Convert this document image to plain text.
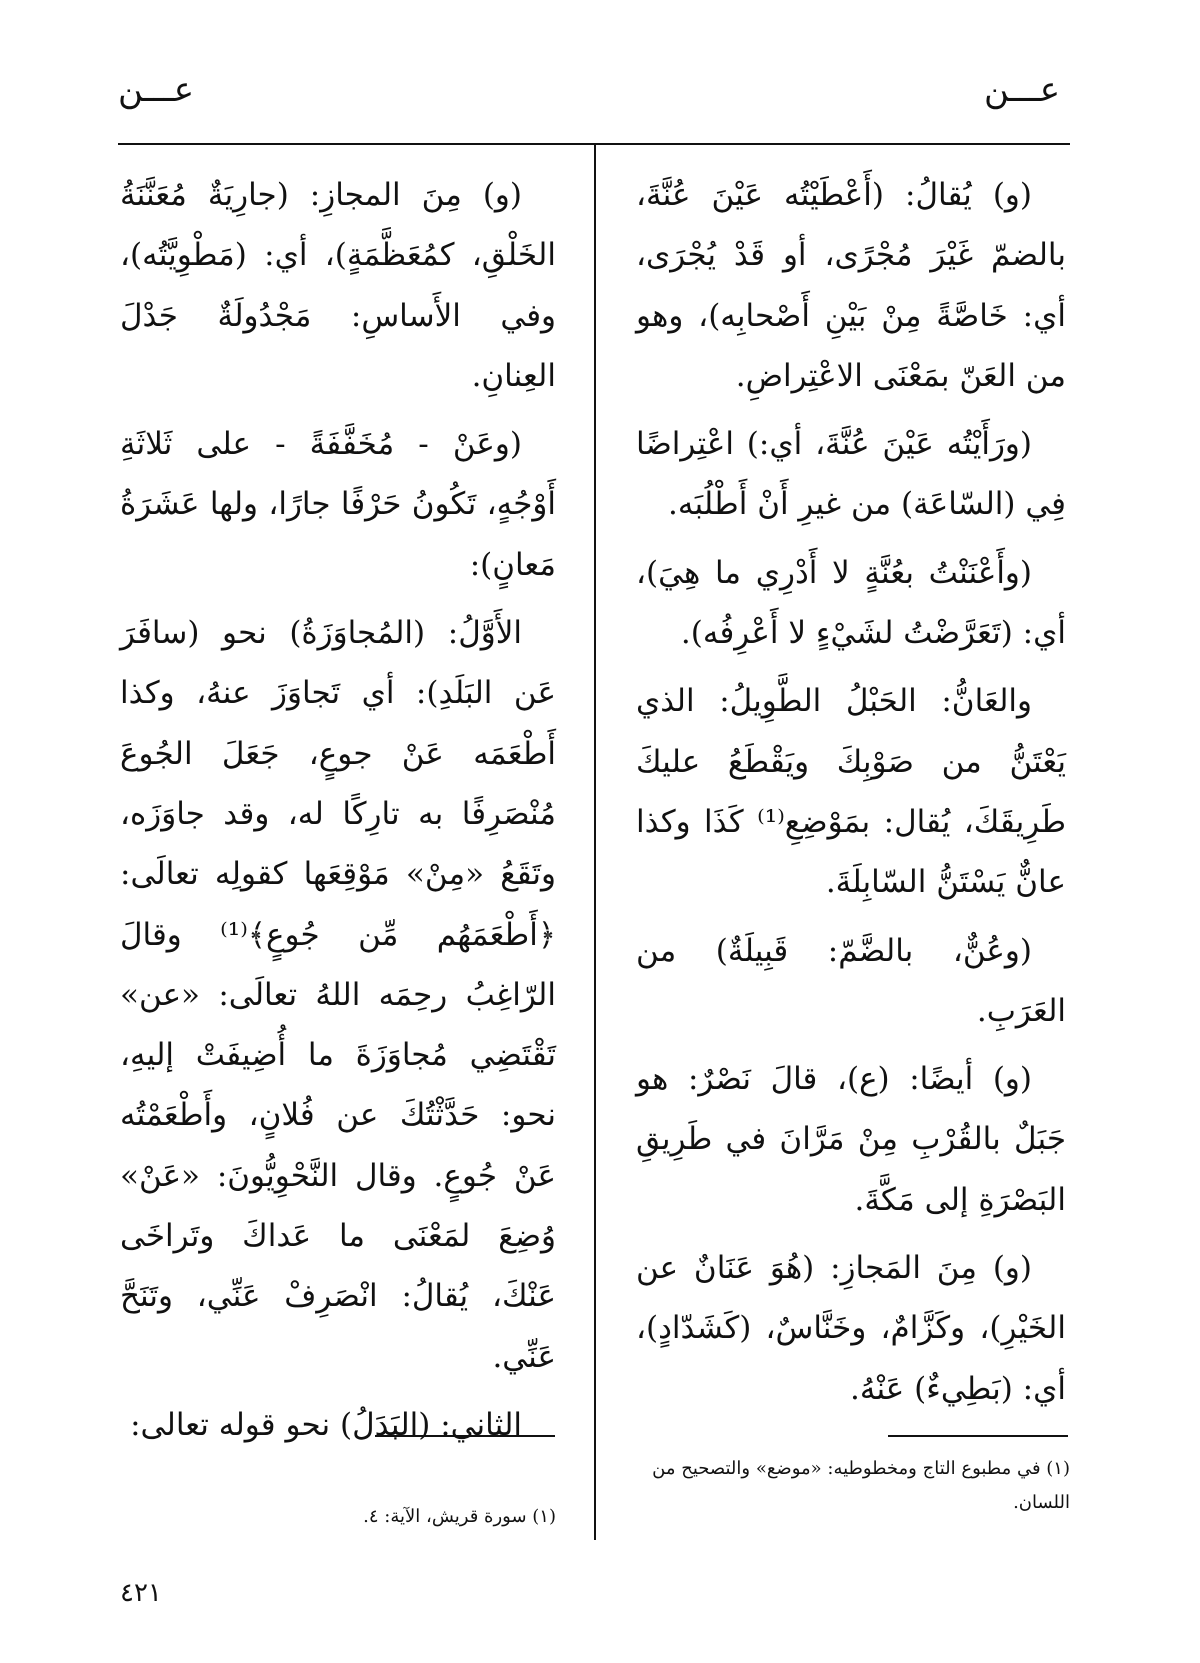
عـــن
عـــن

(و) يُقالُ: (أَعْطَيْتُه عَيْنَ عُنَّةَ، بالضمّ غَيْرَ مُجْرًى، أو قَدْ يُجْرَى، أي: خَاصَّةً مِنْ بَيْنِ أَصْحابِه)، وهو من العَنّ بمَعْنَى الاعْتِراضِ.

(ورَأَيْتُه عَيْنَ عُنَّةَ، أي:) اعْتِراضًا فِي (السّاعَة) من غيرِ أَنْ أَطْلُبَه.

(وأَعْنَنْتُ بعُنَّةٍ لا أَدْرِي ما هِيَ)، أي: (تَعَرَّضْتُ لشَيْءٍ لا أَعْرِفُه).

والعَانُّ: الحَبْلُ الطَّوِيلُ: الذي يَعْتَنُّ من صَوْبِكَ ويَقْطَعُ عليكَ طَرِيقَكَ، يُقال: بمَوْضِعِ⁽¹⁾ كَذَا وكذا عانٌّ يَسْتَنُّ السّابِلَةَ.

(وعُنٌّ، بالضَّمّ: قَبِيلَةٌ) من العَرَبِ.

(و) أيضًا: (ع)، قالَ نَصْرٌ: هو جَبَلٌ بالقُرْبِ مِنْ مَرَّانَ في طَرِيقِ البَصْرَةِ إلى مَكَّةَ.

(و) مِنَ المَجازِ: (هُوَ عَنَانٌ عن الخَيْرِ)، وكَزَّامٌ، وخَنَّاسٌ، (كَشَدّادٍ)، أي: (بَطِيءٌ) عَنْهُ.

(و) مِنَ المجازِ: (جارِيَةٌ مُعَنَّنَةُ الخَلْقِ، كمُعَظَّمَةٍ)، أي: (مَطْوِيَّتُه)، وفي الأَساسِ: مَجْدُولَةٌ جَدْلَ العِنانِ.

(وعَنْ - مُخَفَّفَةً - على ثَلاثَةِ أَوْجُهٍ، تَكُونُ حَرْفًا جارًا، ولها عَشَرَةُ مَعانٍ):

الأَوَّلُ: (المُجاوَزَةُ) نحو (سافَرَ عَن البَلَدِ): أي تَجاوَزَ عنهُ، وكذا أَطْعَمَه عَنْ جوعٍ، جَعَلَ الجُوعَ مُنْصَرِفًا به تارِكًا له، وقد جاوَزَه، وتَقَعُ «مِنْ» مَوْقِعَها كقولِه تعالَى: ﴿أَطْعَمَهُم مِّن جُوعٍ﴾⁽¹⁾ وقالَ الرّاغِبُ رحِمَه اللهُ تعالَى: «عن» تَقْتَضِي مُجاوَزَةَ ما أُضِيفَتْ إليهِ، نحو: حَدَّثْتُكَ عن فُلانٍ، وأَطْعَمْتُه عَنْ جُوعٍ. وقال النَّحْوِيُّونَ: «عَنْ» وُضِعَ لمَعْنَى ما عَداكَ وتَراخَى عَنْكَ، يُقالُ: انْصَرِفْ عَنِّي، وتَنَحَّ عَنِّي.

الثاني: (البَدَلُ) نحو قوله تعالى:

(١) في مطبوع التاج ومخطوطيه: «موضع» والتصحيح من اللسان.
(١) سورة قريش، الآية: ٤.
٤٢١
